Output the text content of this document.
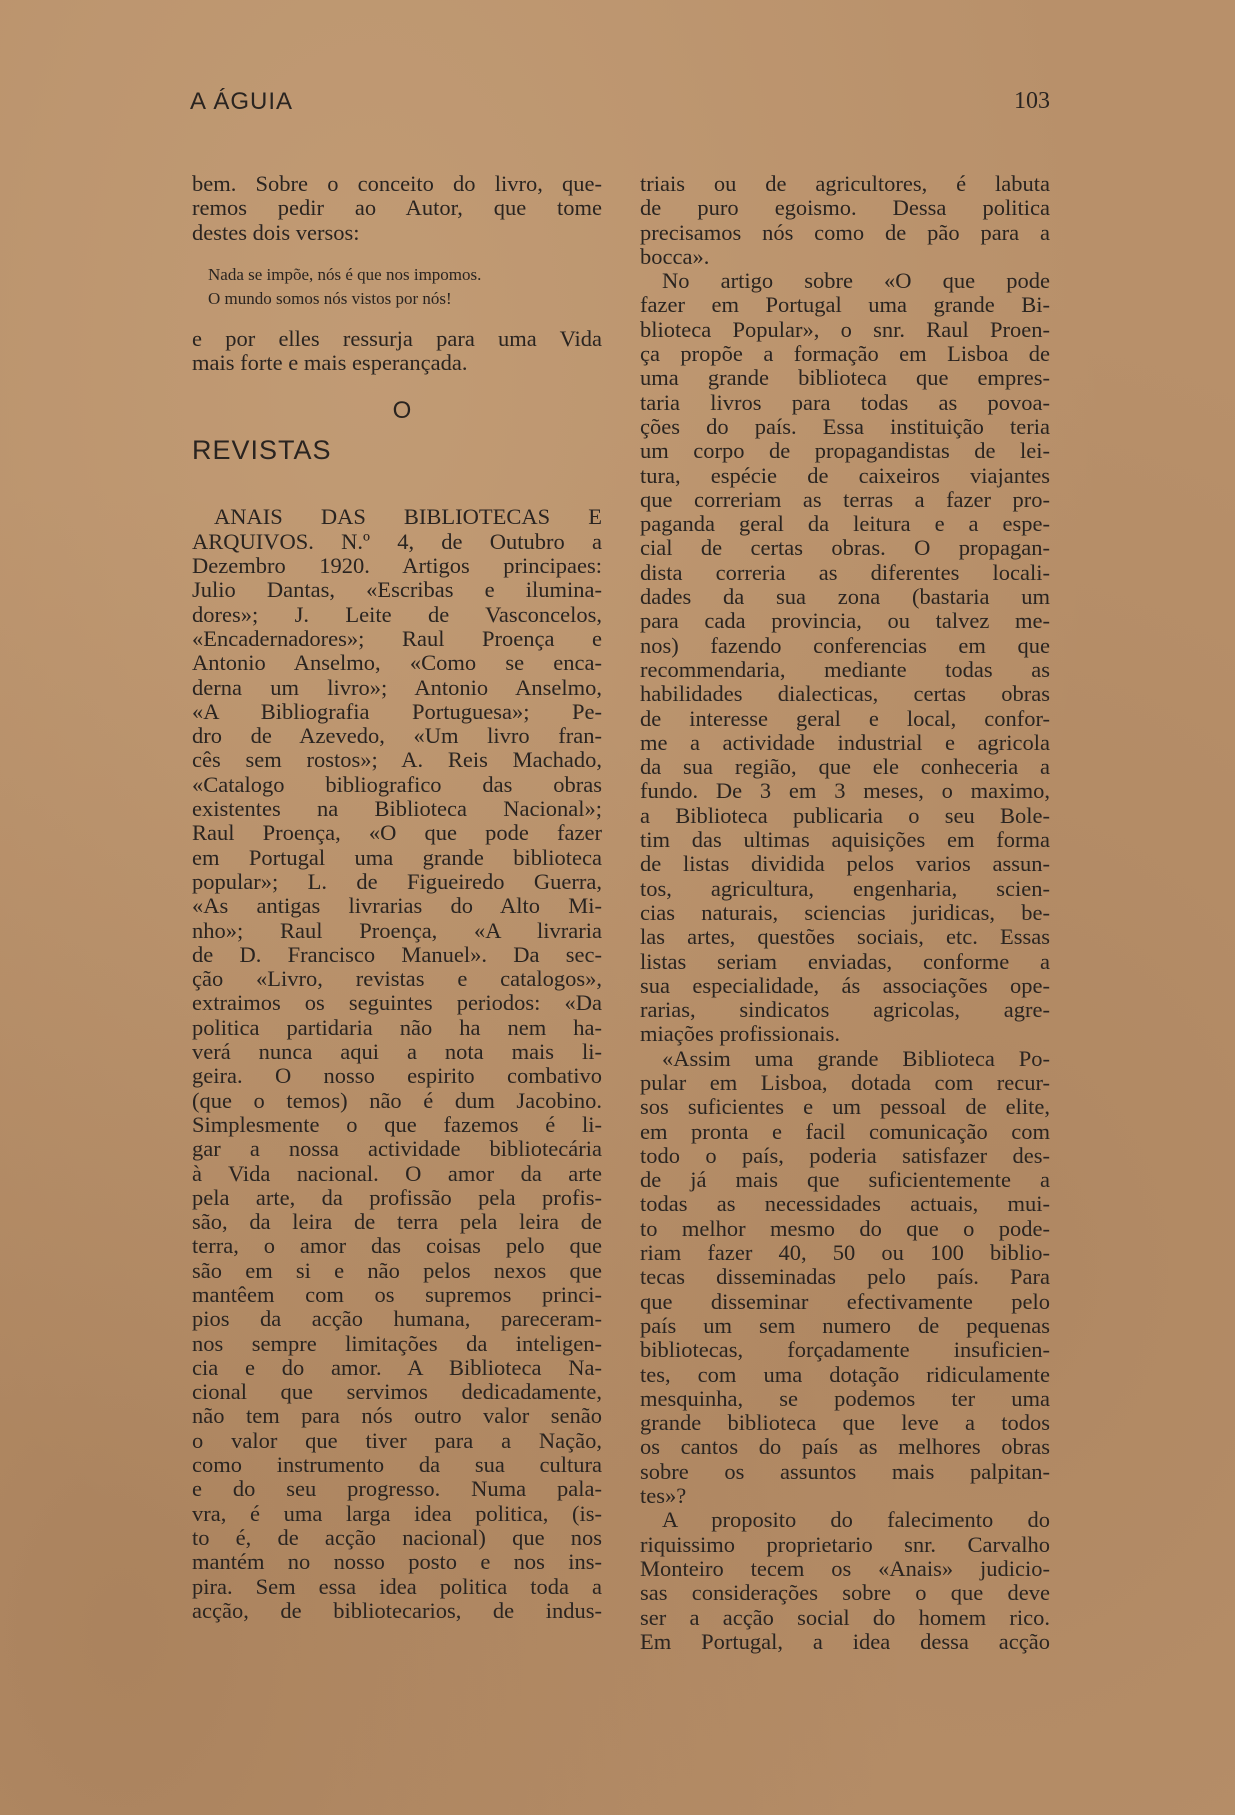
A ÁGUIA	103
bem. Sobre o conceito do livro, que-
remos pedir ao Autor, que tome
destes dois versos:
Nada se impõe, nós é que nos impomos.
O mundo somos nós vistos por nós!
e por elles ressurja para uma Vida
mais forte e mais esperançada.
O
REVISTAS
ANAIS DAS BIBLIOTECAS E
ARQUIVOS. N.º 4, de Outubro a
Dezembro 1920. Artigos principaes:
Julio Dantas, «Escribas e ilumina-
dores»; J. Leite de Vasconcelos,
«Encadernadores»; Raul Proença e
Antonio Anselmo, «Como se enca-
derna um livro»; Antonio Anselmo,
«A Bibliografia Portuguesa»; Pe-
dro de Azevedo, «Um livro fran-
cês sem rostos»; A. Reis Machado,
«Catalogo bibliografico das obras
existentes na Biblioteca Nacional»;
Raul Proença, «O que pode fazer
em Portugal uma grande biblioteca
popular»; L. de Figueiredo Guerra,
«As antigas livrarias do Alto Mi-
nho»; Raul Proença, «A livraria
de D. Francisco Manuel». Da sec-
ção «Livro, revistas e catalogos»,
extraimos os seguintes periodos: «Da
politica partidaria não ha nem ha-
verá nunca aqui a nota mais li-
geira. O nosso espirito combativo
(que o temos) não é dum Jacobino.
Simplesmente o que fazemos é li-
gar a nossa actividade bibliotecária
à Vida nacional. O amor da arte
pela arte, da profissão pela profis-
são, da leira de terra pela leira de
terra, o amor das coisas pelo que
são em si e não pelos nexos que
mantêem com os supremos princi-
pios da acção humana, pareceram-
nos sempre limitações da inteligen-
cia e do amor. A Biblioteca Na-
cional que servimos dedicadamente,
não tem para nós outro valor senão
o valor que tiver para a Nação,
como instrumento da sua cultura
e do seu progresso. Numa pala-
vra, é uma larga idea politica, (is-
to é, de acção nacional) que nos
mantém no nosso posto e nos ins-
pira. Sem essa idea politica toda a
acção, de bibliotecarios, de indus-
triais ou de agricultores, é labuta
de puro egoismo. Dessa politica
precisamos nós como de pão para a
bocca».
No artigo sobre «O que pode
fazer em Portugal uma grande Bi-
blioteca Popular», o snr. Raul Proen-
ça propõe a formação em Lisboa de
uma grande biblioteca que empres-
taria livros para todas as povoa-
ções do país. Essa instituição teria
um corpo de propagandistas de lei-
tura, espécie de caixeiros viajantes
que correriam as terras a fazer pro-
paganda geral da leitura e a espe-
cial de certas obras. O propagan-
dista correria as diferentes locali-
dades da sua zona (bastaria um
para cada provincia, ou talvez me-
nos) fazendo conferencias em que
recommendaria, mediante todas as
habilidades dialecticas, certas obras
de interesse geral e local, confor-
me a actividade industrial e agricola
da sua região, que ele conheceria a
fundo. De 3 em 3 meses, o maximo,
a Biblioteca publicaria o seu Bole-
tim das ultimas aquisições em forma
de listas dividida pelos varios assun-
tos, agricultura, engenharia, scien-
cias naturais, sciencias juridicas, be-
las artes, questões sociais, etc. Essas
listas seriam enviadas, conforme a
sua especialidade, ás associações ope-
rarias, sindicatos agricolas, agre-
miações profissionais.
«Assim uma grande Biblioteca Po-
pular em Lisboa, dotada com recur-
sos suficientes e um pessoal de elite,
em pronta e facil comunicação com
todo o país, poderia satisfazer des-
de já mais que suficientemente a
todas as necessidades actuais, mui-
to melhor mesmo do que o pode-
riam fazer 40, 50 ou 100 biblio-
tecas disseminadas pelo país. Para
que disseminar efectivamente pelo
país um sem numero de pequenas
bibliotecas, forçadamente insuficien-
tes, com uma dotação ridiculamente
mesquinha, se podemos ter uma
grande biblioteca que leve a todos
os cantos do país as melhores obras
sobre os assuntos mais palpitan-
tes»?
A proposito do falecimento do
riquissimo proprietario snr. Carvalho
Monteiro tecem os «Anais» judicio-
sas considerações sobre o que deve
ser a acção social do homem rico.
Em Portugal, a idea dessa acção
